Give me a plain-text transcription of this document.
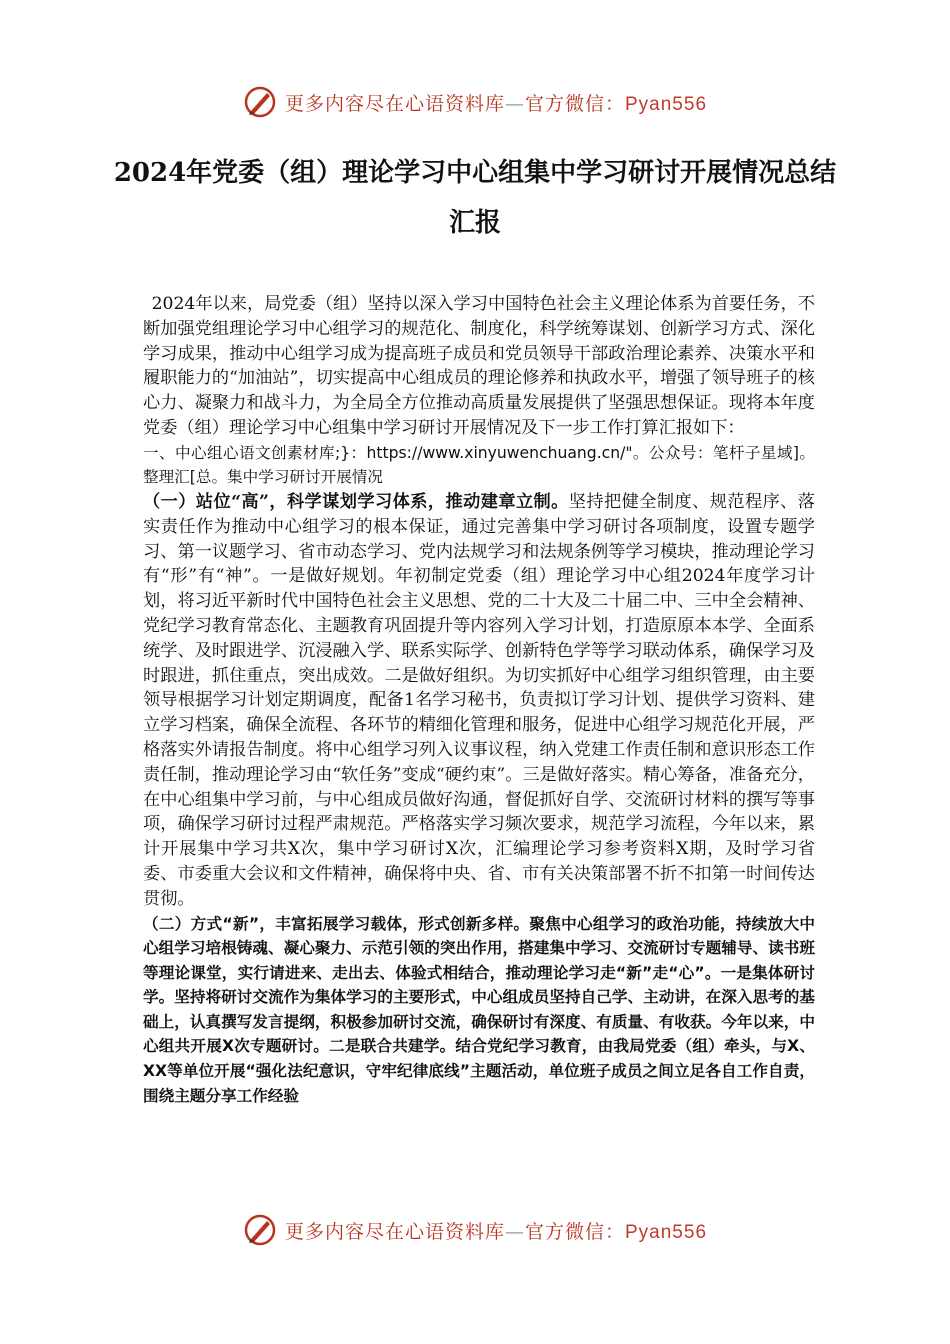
更多内容尽在心语资料库—官方微信：Pyan556
2024年党委（组）理论学习中心组集中学习研讨开展情况总结汇报

2024年以来，局党委（组）坚持以深入学习中国特色社会主义理论体系为首要任务，不断加强党组理论学习中心组学习的规范化、制度化，科学统筹谋划、创新学习方式、深化学习成果，推动中心组学习成为提高班子成员和党员领导干部政治理论素养、决策水平和履职能力的“加油站”，切实提高中心组成员的理论修养和执政水平，增强了领导班子的核心力、凝聚力和战斗力，为全局全方位推动高质量发展提供了坚强思想保证。现将本年度党委（组）理论学习中心组集中学习研讨开展情况及下一步工作打算汇报如下：

一、中心组心语文创素材库;}：https://www.xinyuwenchuang.cn/"。公众号：笔杆子星域]。整理汇[总。集中学习研讨开展情况

（一）站位“高”，科学谋划学习体系，推动建章立制。坚持把健全制度、规范程序、落实责任作为推动中心组学习的根本保证，通过完善集中学习研讨各项制度，设置专题学习、第一议题学习、省市动态学习、党内法规学习和法规条例等学习模块，推动理论学习有“形”有“神”。一是做好规划。年初制定党委（组）理论学习中心组2024年度学习计划，将习近平新时代中国特色社会主义思想、党的二十大及二十届二中、三中全会精神、党纪学习教育常态化、主题教育巩固提升等内容列入学习计划，打造原原本本学、全面系统学、及时跟进学、沉浸融入学、联系实际学、创新特色学等学习联动体系，确保学习及时跟进，抓住重点，突出成效。二是做好组织。为切实抓好中心组学习组织管理，由主要领导根据学习计划定期调度，配备1名学习秘书，负责拟订学习计划、提供学习资料、建立学习档案，确保全流程、各环节的精细化管理和服务，促进中心组学习规范化开展，严格落实外请报告制度。将中心组学习列入议事议程，纳入党建工作责任制和意识形态工作责任制，推动理论学习由“软任务”变成“硬约束”。三是做好落实。精心筹备，准备充分，在中心组集中学习前，与中心组成员做好沟通，督促抓好自学、交流研讨材料的撰写等事项，确保学习研讨过程严肃规范。严格落实学习频次要求，规范学习流程，今年以来，累计开展集中学习共X次，集中学习研讨X次，汇编理论学习参考资料X期，及时学习省委、市委重大会议和文件精神，确保将中央、省、市有关决策部署不折不扣第一时间传达贯彻。

（二）方式“新”，丰富拓展学习载体，形式创新多样。聚焦中心组学习的政治功能，持续放大中心组学习培根铸魂、凝心聚力、示范引领的突出作用，搭建集中学习、交流研讨专题辅导、读书班等理论课堂，实行请进来、走出去、体验式相结合，推动理论学习走“新”走“心”。一是集体研讨学。坚持将研讨交流作为集体学习的主要形式，中心组成员坚持自己学、主动讲，在深入思考的基础上，认真撰写发言提纲，积极参加研讨交流，确保研讨有深度、有质量、有收获。今年以来，中心组共开展X次专题研讨。二是联合共建学。结合党纪学习教育，由我局党委（组）牵头，与X、XX等单位开展“强化法纪意识，守牢纪律底线”主题活动，单位班子成员之间立足各自工作自责，围绕主题分享工作经验

更多内容尽在心语资料库—官方微信：Pyan556
